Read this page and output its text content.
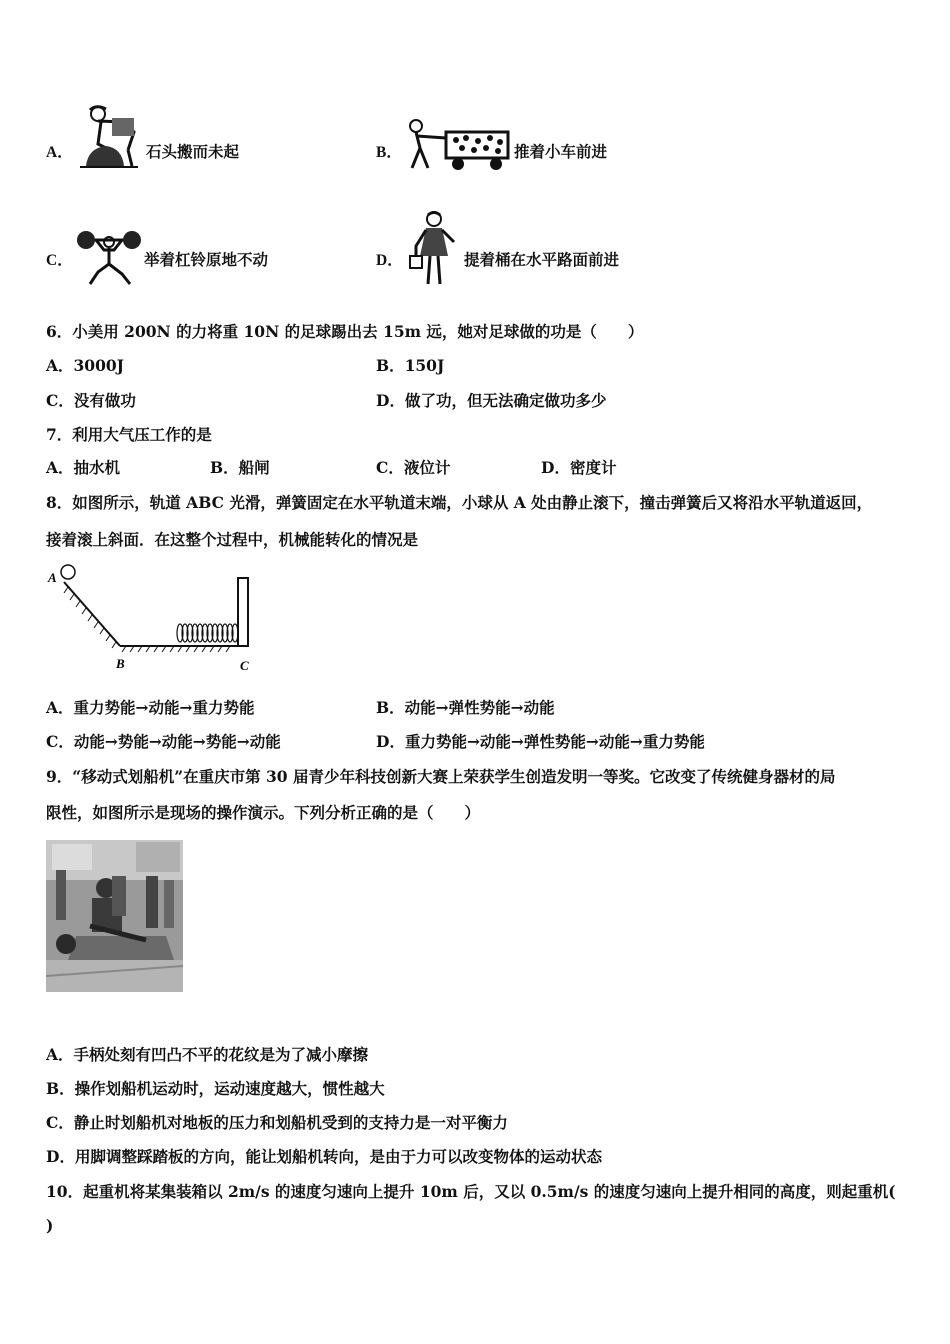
A．	石头搬而未起	B．	推着小车前进
C．	举着杠铃原地不动	D．	提着桶在水平路面前进
6．小美用 200N 的力将重 10N 的足球踢出去 15m 远，她对足球做的功是（　　）
A．3000J	B．150J
C．没有做功	D．做了功，但无法确定做功多少
7．利用大气压工作的是
A．抽水机	B．船闸	C．液位计	D．密度计
8．如图所示，轨道 ABC 光滑，弹簧固定在水平轨道末端，小球从 A 处由静止滚下，撞击弹簧后又将沿水平轨道返回，
接着滚上斜面．在这整个过程中，机械能转化的情况是
A
B	C
A．重力势能→动能→重力势能	B．动能→弹性势能→动能
C．动能→势能→动能→势能→动能	D．重力势能→动能→弹性势能→动能→重力势能
9．“移动式划船机”在重庆市第 30 届青少年科技创新大赛上荣获学生创造发明一等奖。它改变了传统健身器材的局
限性，如图所示是现场的操作演示。下列分析正确的是（　　）
A．手柄处刻有凹凸不平的花纹是为了减小摩擦
B．操作划船机运动时，运动速度越大，惯性越大
C．静止时划船机对地板的压力和划船机受到的支持力是一对平衡力
D．用脚调整踩踏板的方向，能让划船机转向，是由于力可以改变物体的运动状态
10．起重机将某集装箱以 2m/s 的速度匀速向上提升 10m 后，又以 0.5m/s 的速度匀速向上提升相同的高度，则起重机(
)
